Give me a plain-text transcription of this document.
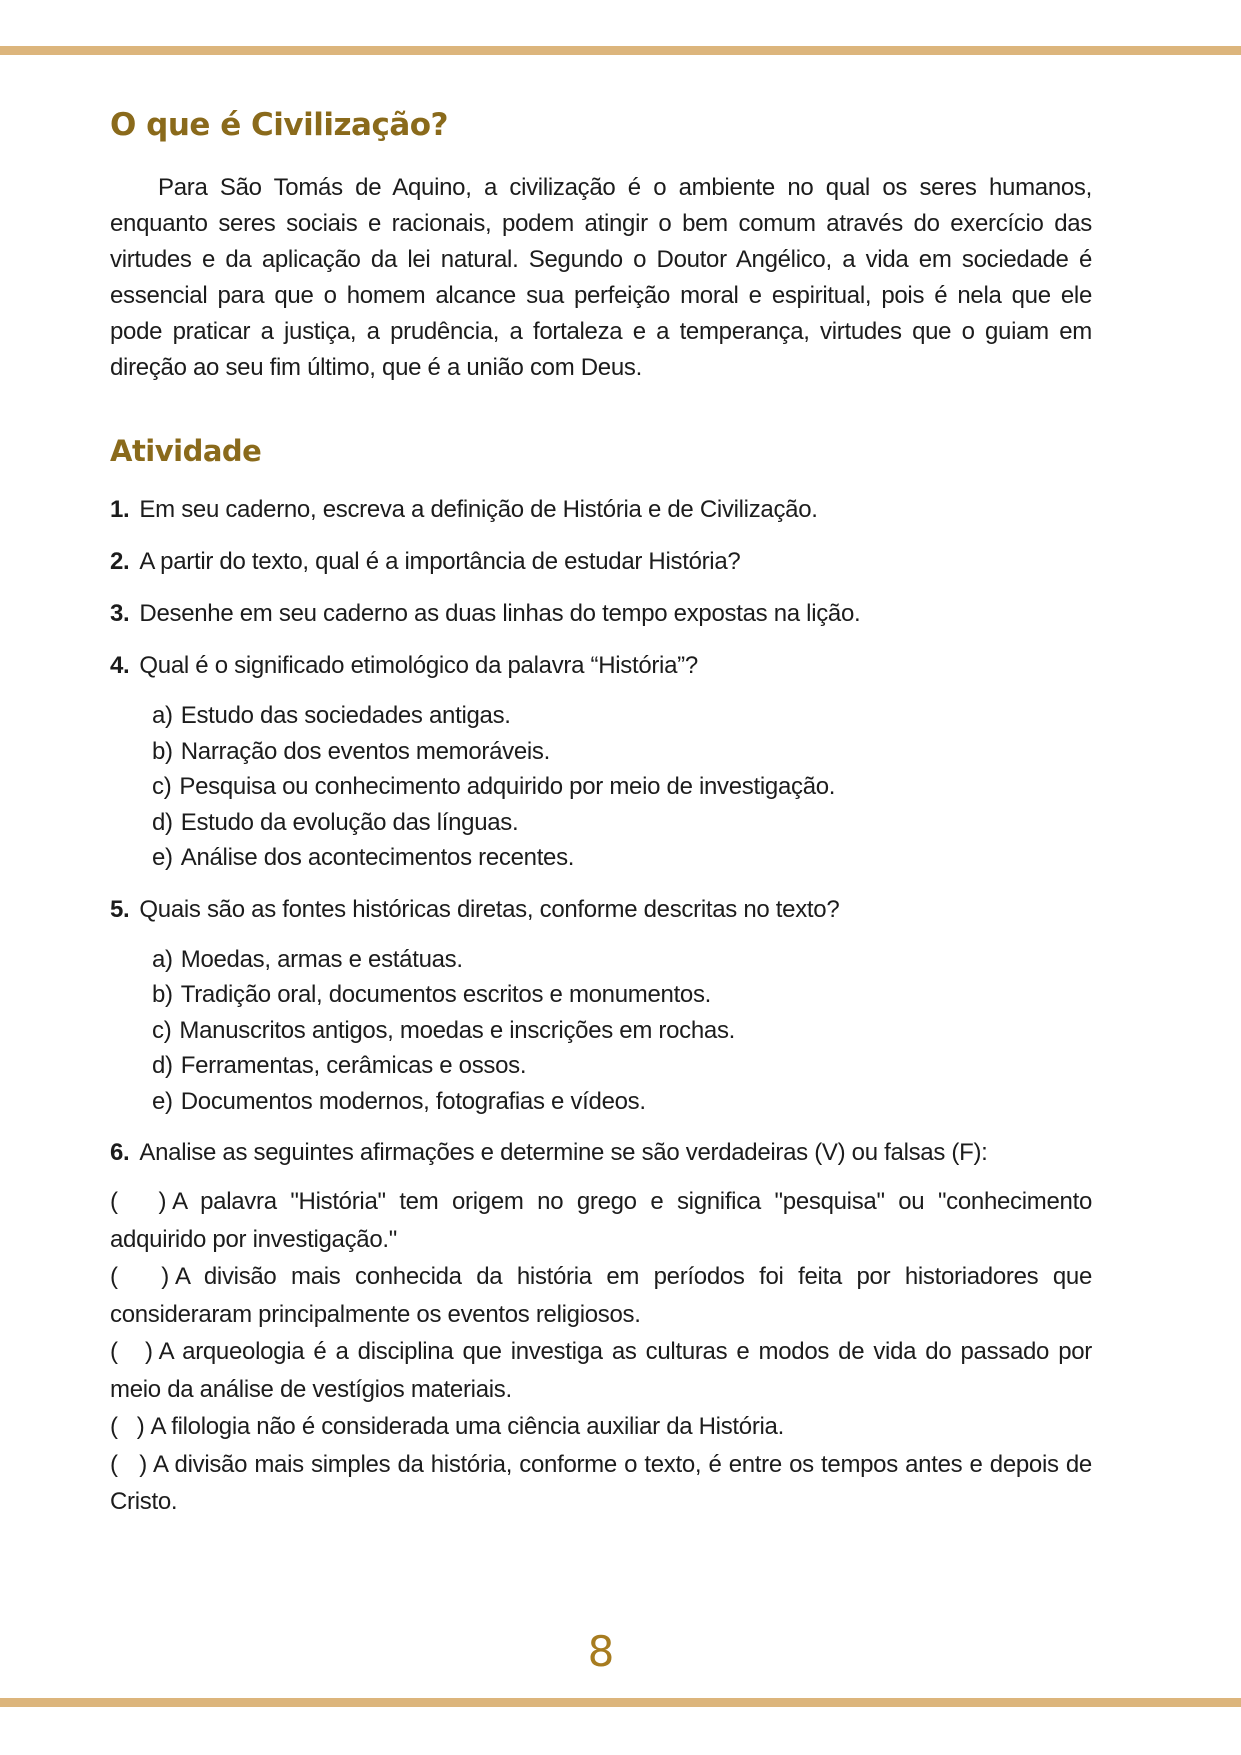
O que é Civilização?

Para São Tomás de Aquino, a civilização é o ambiente no qual os seres humanos, enquanto seres sociais e racionais, podem atingir o bem comum através do exercício das virtudes e da aplicação da lei natural. Segundo o Doutor Angélico, a vida em sociedade é essencial para que o homem alcance sua perfeição moral e espiritual, pois é nela que ele pode praticar a justiça, a prudência, a fortaleza e a temperança, virtudes que o guiam em direção ao seu fim último, que é a união com Deus.

Atividade
1. Em seu caderno, escreva a definição de História e de Civilização.
2. A partir do texto, qual é a importância de estudar História?
3. Desenhe em seu caderno as duas linhas do tempo expostas na lição.
4. Qual é o significado etimológico da palavra “História”?
a) Estudo das sociedades antigas.
b) Narração dos eventos memoráveis.
c) Pesquisa ou conhecimento adquirido por meio de investigação.
d) Estudo da evolução das línguas.
e) Análise dos acontecimentos recentes.
5. Quais são as fontes históricas diretas, conforme descritas no texto?
a) Moedas, armas e estátuas.
b) Tradição oral, documentos escritos e monumentos.
c) Manuscritos antigos, moedas e inscrições em rochas.
d) Ferramentas, cerâmicas e ossos.
e) Documentos modernos, fotografias e vídeos.
6. Analise as seguintes afirmações e determine se são verdadeiras (V) ou falsas (F):

(   ) A palavra "História" tem origem no grego e significa "pesquisa" ou "conhecimento adquirido por investigação."

(   ) A divisão mais conhecida da história em períodos foi feita por historiadores que consideraram principalmente os eventos religiosos.

(   ) A arqueologia é a disciplina que investiga as culturas e modos de vida do passado por meio da análise de vestígios materiais.

(   ) A filologia não é considerada uma ciência auxiliar da História.

(   ) A divisão mais simples da história, conforme o texto, é entre os tempos antes e depois de Cristo.

8
